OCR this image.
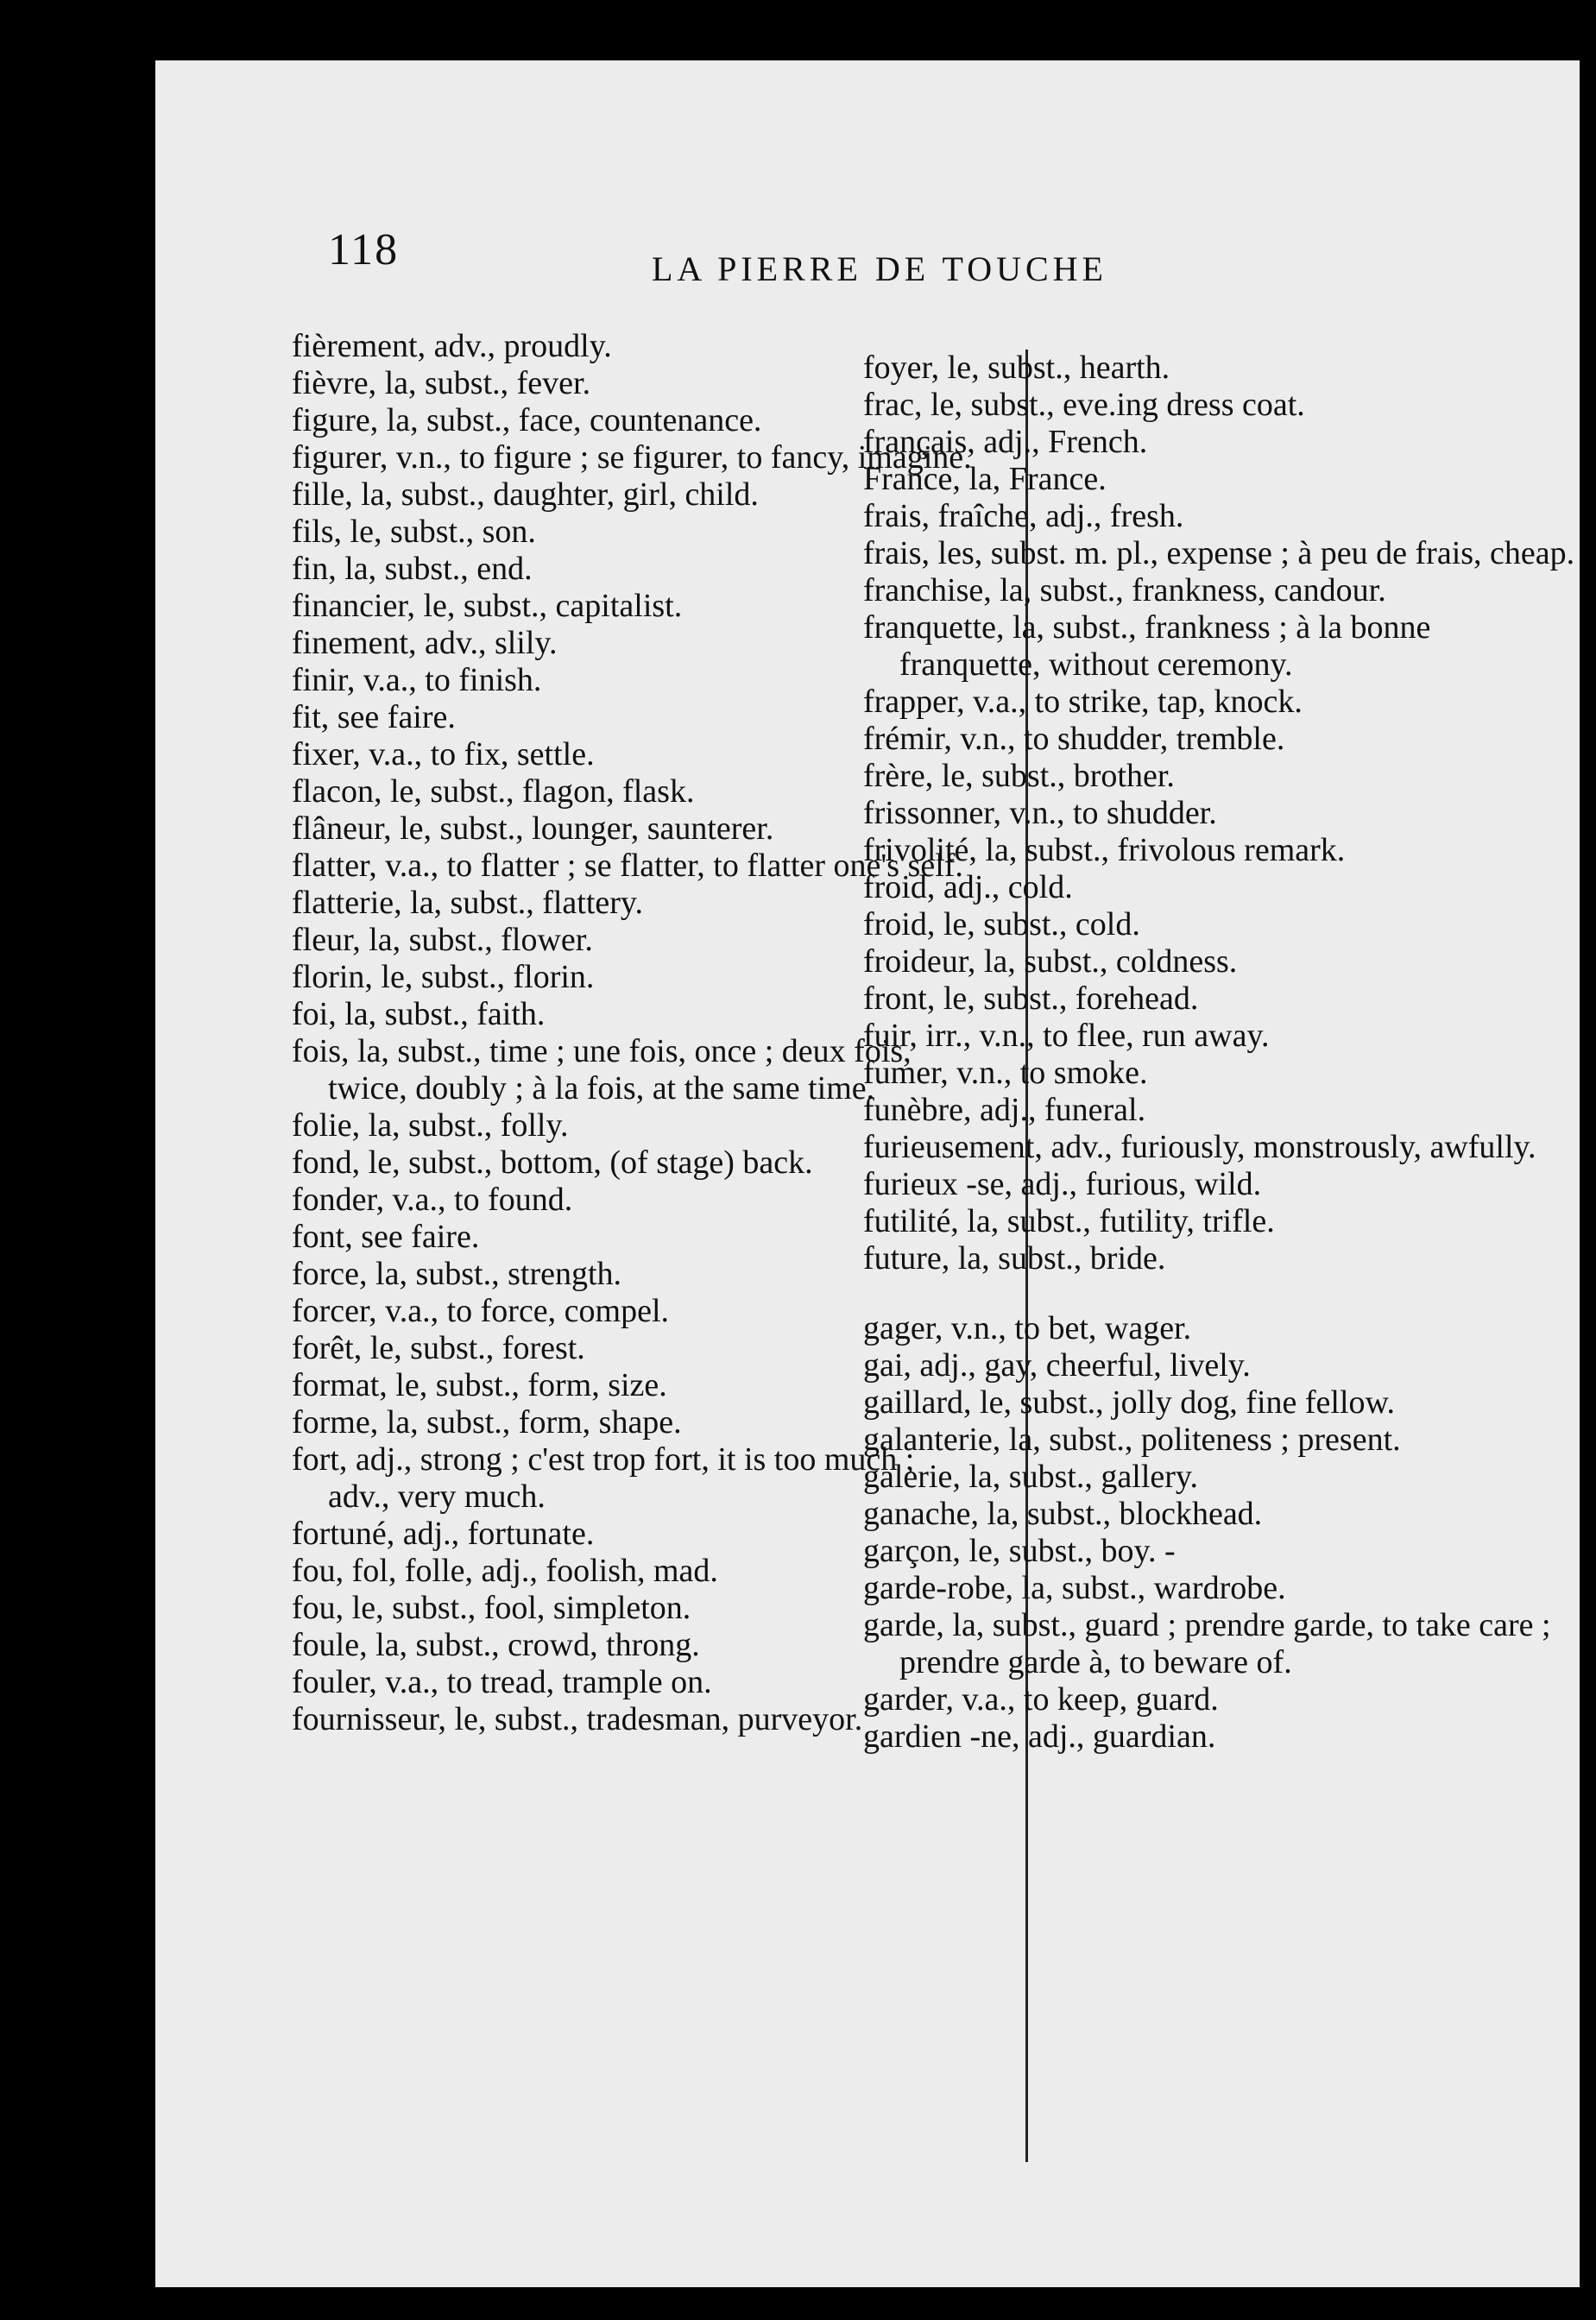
118	LA PIERRE DE TOUCHE

fièrement, adv., proudly.

fièvre, la, subst., fever.

figure, la, subst., face, countenance.

figurer, v.n., to figure ; se figurer, to fancy, imagine.

fille, la, subst., daughter, girl, child.

fils, le, subst., son.

fin, la, subst., end.

financier, le, subst., capitalist.

finement, adv., slily.

finir, v.a., to finish.

fit, see faire.

fixer, v.a., to fix, settle.

flacon, le, subst., flagon, flask.

flâneur, le, subst., lounger, saunterer.

flatter, v.a., to flatter ; se flatter, to flatter one's self.

flatterie, la, subst., flattery.

fleur, la, subst., flower.

florin, le, subst., florin.

foi, la, subst., faith.

fois, la, subst., time ; une fois, once ; deux fois, twice, doubly ; à la fois, at the same time.

folie, la, subst., folly.

fond, le, subst., bottom, (of stage) back.

fonder, v.a., to found.

font, see faire.

force, la, subst., strength.

forcer, v.a., to force, compel.

forêt, le, subst., forest.

format, le, subst., form, size.

forme, la, subst., form, shape.

fort, adj., strong ; c'est trop fort, it is too much ; adv., very much.

fortuné, adj., fortunate.

fou, fol, folle, adj., foolish, mad.

fou, le, subst., fool, simpleton.

foule, la, subst., crowd, throng.

fouler, v.a., to tread, trample on.

fournisseur, le, subst., tradesman, purveyor.

foyer, le, subst., hearth.

frac, le, subst., eve.ing dress coat.

français, adj., French.

France, la, France.

frais, fraîche, adj., fresh.

frais, les, subst. m. pl., expense ; à peu de frais, cheap.

franchise, la, subst., frankness, candour.

franquette, la, subst., frankness ; à la bonne franquette, without ceremony.

frapper, v.a., to strike, tap, knock.

frémir, v.n., to shudder, tremble.

frère, le, subst., brother.

frissonner, v.n., to shudder.

frivolité, la, subst., frivolous remark.

froid, adj., cold.

froid, le, subst., cold.

froideur, la, subst., coldness.

front, le, subst., forehead.

fuir, irr., v.n., to flee, run away.

fumer, v.n., to smoke.

funèbre, adj., funeral.

furieusement, adv., furiously, monstrously, awfully.

furieux -se, adj., furious, wild.

futilité, la, subst., futility, trifle.

future, la, subst., bride.

gager, v.n., to bet, wager.

gai, adj., gay, cheerful, lively.

gaillard, le, subst., jolly dog, fine fellow.

galanterie, la, subst., politeness ; present.

galerie, la, subst., gallery.

ganache, la, subst., blockhead.

garçon, le, subst., boy. -

garde-robe, la, subst., wardrobe.

garde, la, subst., guard ; prendre garde, to take care ; prendre garde à, to beware of.

garder, v.a., to keep, guard.

gardien -ne, adj., guardian.
